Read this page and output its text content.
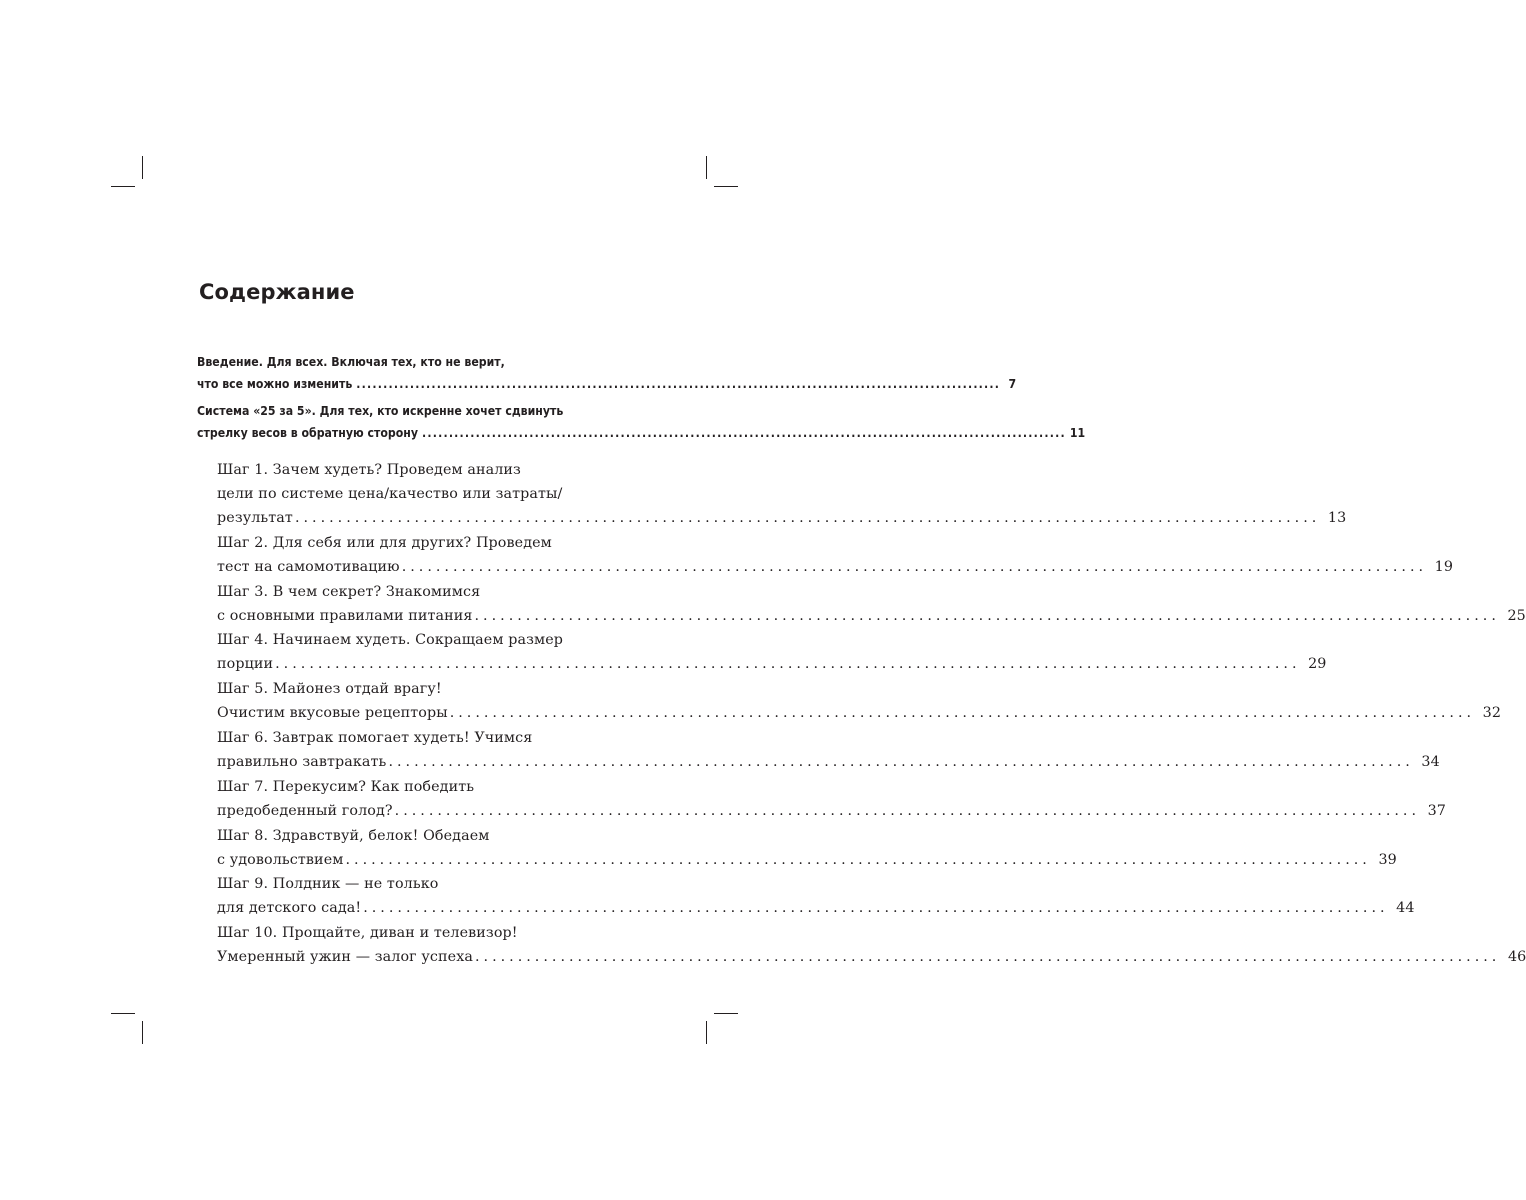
Содержание
Введение. Для всех. Включая тех, кто не верит,
что все можно изменить ........................................................................................................................ 7
Система «25 за 5». Для тех, кто искренне хочет сдвинуть
стрелку весов в обратную сторону ........................................................................................................................ 11
Шаг 1. Зачем худеть? Проведем анализ
цели по системе цена/качество или затраты/
результат ........................................................................................................................ 13
Шаг 2. Для себя или для других? Проведем
тест на самомотивацию ........................................................................................................................ 19
Шаг 3. В чем секрет? Знакомимся
с основными правилами питания ........................................................................................................................ 25
Шаг 4. Начинаем худеть. Сокращаем размер
порции ........................................................................................................................ 29
Шаг 5. Майонез отдай врагу!
Очистим вкусовые рецепторы ........................................................................................................................ 32
Шаг 6. Завтрак помогает худеть! Учимся
правильно завтракать ........................................................................................................................ 34
Шаг 7. Перекусим? Как победить
предобеденный голод? ........................................................................................................................ 37
Шаг 8. Здравствуй, белок! Обедаем
с удовольствием ........................................................................................................................ 39
Шаг 9. Полдник — не только
для детского сада! ........................................................................................................................ 44
Шаг 10. Прощайте, диван и телевизор!
Умеренный ужин — залог успеха ........................................................................................................................ 46
